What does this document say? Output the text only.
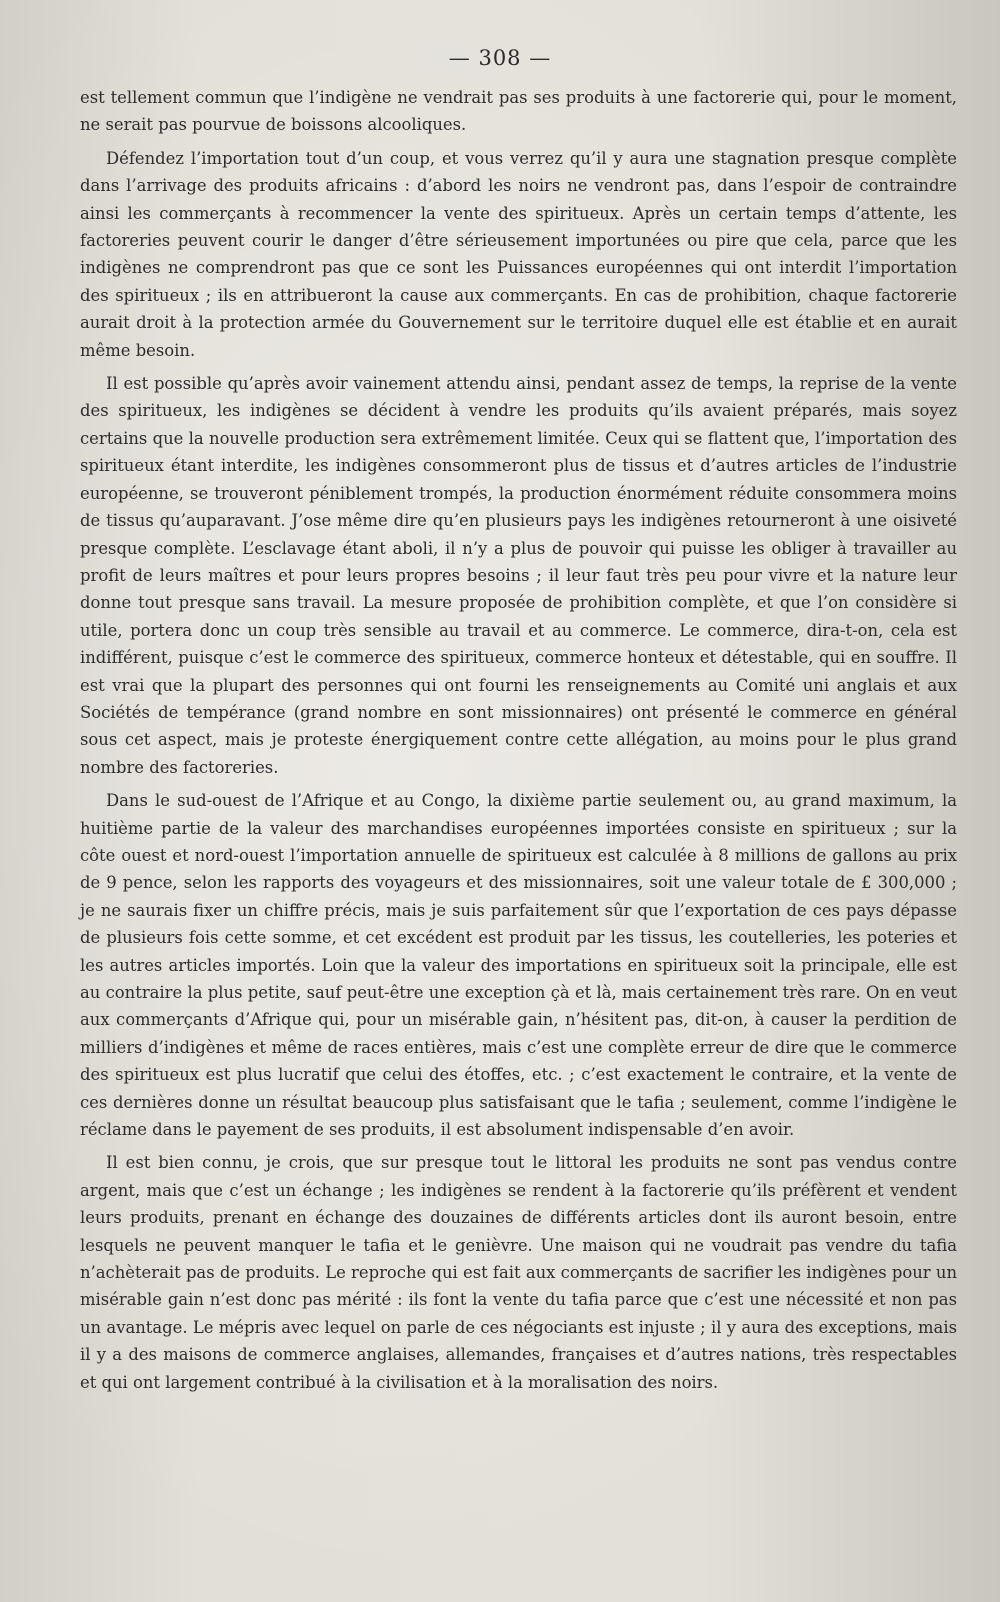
— 308 —

est tellement commun que l’indigène ne vendrait pas ses produits à une factorerie qui, pour le moment, ne serait pas pourvue de boissons alcooliques.

Défendez l’importation tout d’un coup, et vous verrez qu’il y aura une stagnation presque complète dans l’arrivage des produits africains : d’abord les noirs ne vendront pas, dans l’espoir de contraindre ainsi les commerçants à recommencer la vente des spiritueux. Après un certain temps d’attente, les factoreries peuvent courir le danger d’être sérieusement importunées ou pire que cela, parce que les indigènes ne comprendront pas que ce sont les Puissances européennes qui ont interdit l’importation des spiritueux ; ils en attribueront la cause aux commerçants. En cas de prohibition, chaque factorerie aurait droit à la protection armée du Gouvernement sur le territoire duquel elle est établie et en aurait même besoin.

Il est possible qu’après avoir vainement attendu ainsi, pendant assez de temps, la reprise de la vente des spiritueux, les indigènes se décident à vendre les produits qu’ils avaient préparés, mais soyez certains que la nouvelle production sera extrêmement limitée. Ceux qui se flattent que, l’importation des spiritueux étant interdite, les indigènes consommeront plus de tissus et d’autres articles de l’industrie européenne, se trouveront péniblement trompés, la production énormément réduite consommera moins de tissus qu’auparavant. J’ose même dire qu’en plusieurs pays les indigènes retourneront à une oisiveté presque complète. L’esclavage étant aboli, il n’y a plus de pouvoir qui puisse les obliger à travailler au profit de leurs maîtres et pour leurs propres besoins ; il leur faut très peu pour vivre et la nature leur donne tout presque sans travail. La mesure proposée de prohibition complète, et que l’on considère si utile, portera donc un coup très sensible au travail et au commerce. Le commerce, dira-t-on, cela est indifférent, puisque c’est le commerce des spiritueux, commerce honteux et détestable, qui en souffre. Il est vrai que la plupart des personnes qui ont fourni les renseignements au Comité uni anglais et aux Sociétés de tempérance (grand nombre en sont missionnaires) ont présenté le commerce en général sous cet aspect, mais je proteste énergiquement contre cette allégation, au moins pour le plus grand nombre des factoreries.

Dans le sud-ouest de l’Afrique et au Congo, la dixième partie seulement ou, au grand maximum, la huitième partie de la valeur des marchandises européennes importées consiste en spiritueux ; sur la côte ouest et nord-ouest l’importation annuelle de spiritueux est calculée à 8 millions de gallons au prix de 9 pence, selon les rapports des voyageurs et des missionnaires, soit une valeur totale de £ 300,000 ; je ne saurais fixer un chiffre précis, mais je suis parfaitement sûr que l’exportation de ces pays dépasse de plusieurs fois cette somme, et cet excédent est produit par les tissus, les coutelleries, les poteries et les autres articles importés. Loin que la valeur des importations en spiritueux soit la principale, elle est au contraire la plus petite, sauf peut-être une exception çà et là, mais certainement très rare. On en veut aux commerçants d’Afrique qui, pour un misérable gain, n’hésitent pas, dit-on, à causer la perdition de milliers d’indigènes et même de races entières, mais c’est une complète erreur de dire que le commerce des spiritueux est plus lucratif que celui des étoffes, etc. ; c’est exactement le contraire, et la vente de ces dernières donne un résultat beaucoup plus satisfaisant que le tafia ; seulement, comme l’indigène le réclame dans le payement de ses produits, il est absolument indispensable d’en avoir.

Il est bien connu, je crois, que sur presque tout le littoral les produits ne sont pas vendus contre argent, mais que c’est un échange ; les indigènes se rendent à la factorerie qu’ils préfèrent et vendent leurs produits, prenant en échange des douzaines de différents articles dont ils auront besoin, entre lesquels ne peuvent manquer le tafia et le genièvre. Une maison qui ne voudrait pas vendre du tafia n’achèterait pas de produits. Le reproche qui est fait aux commerçants de sacrifier les indigènes pour un misérable gain n’est donc pas mérité : ils font la vente du tafia parce que c’est une nécessité et non pas un avantage. Le mépris avec lequel on parle de ces négociants est injuste ; il y aura des exceptions, mais il y a des maisons de commerce anglaises, allemandes, françaises et d’autres nations, très respectables et qui ont largement contribué à la civilisation et à la moralisation des noirs.
